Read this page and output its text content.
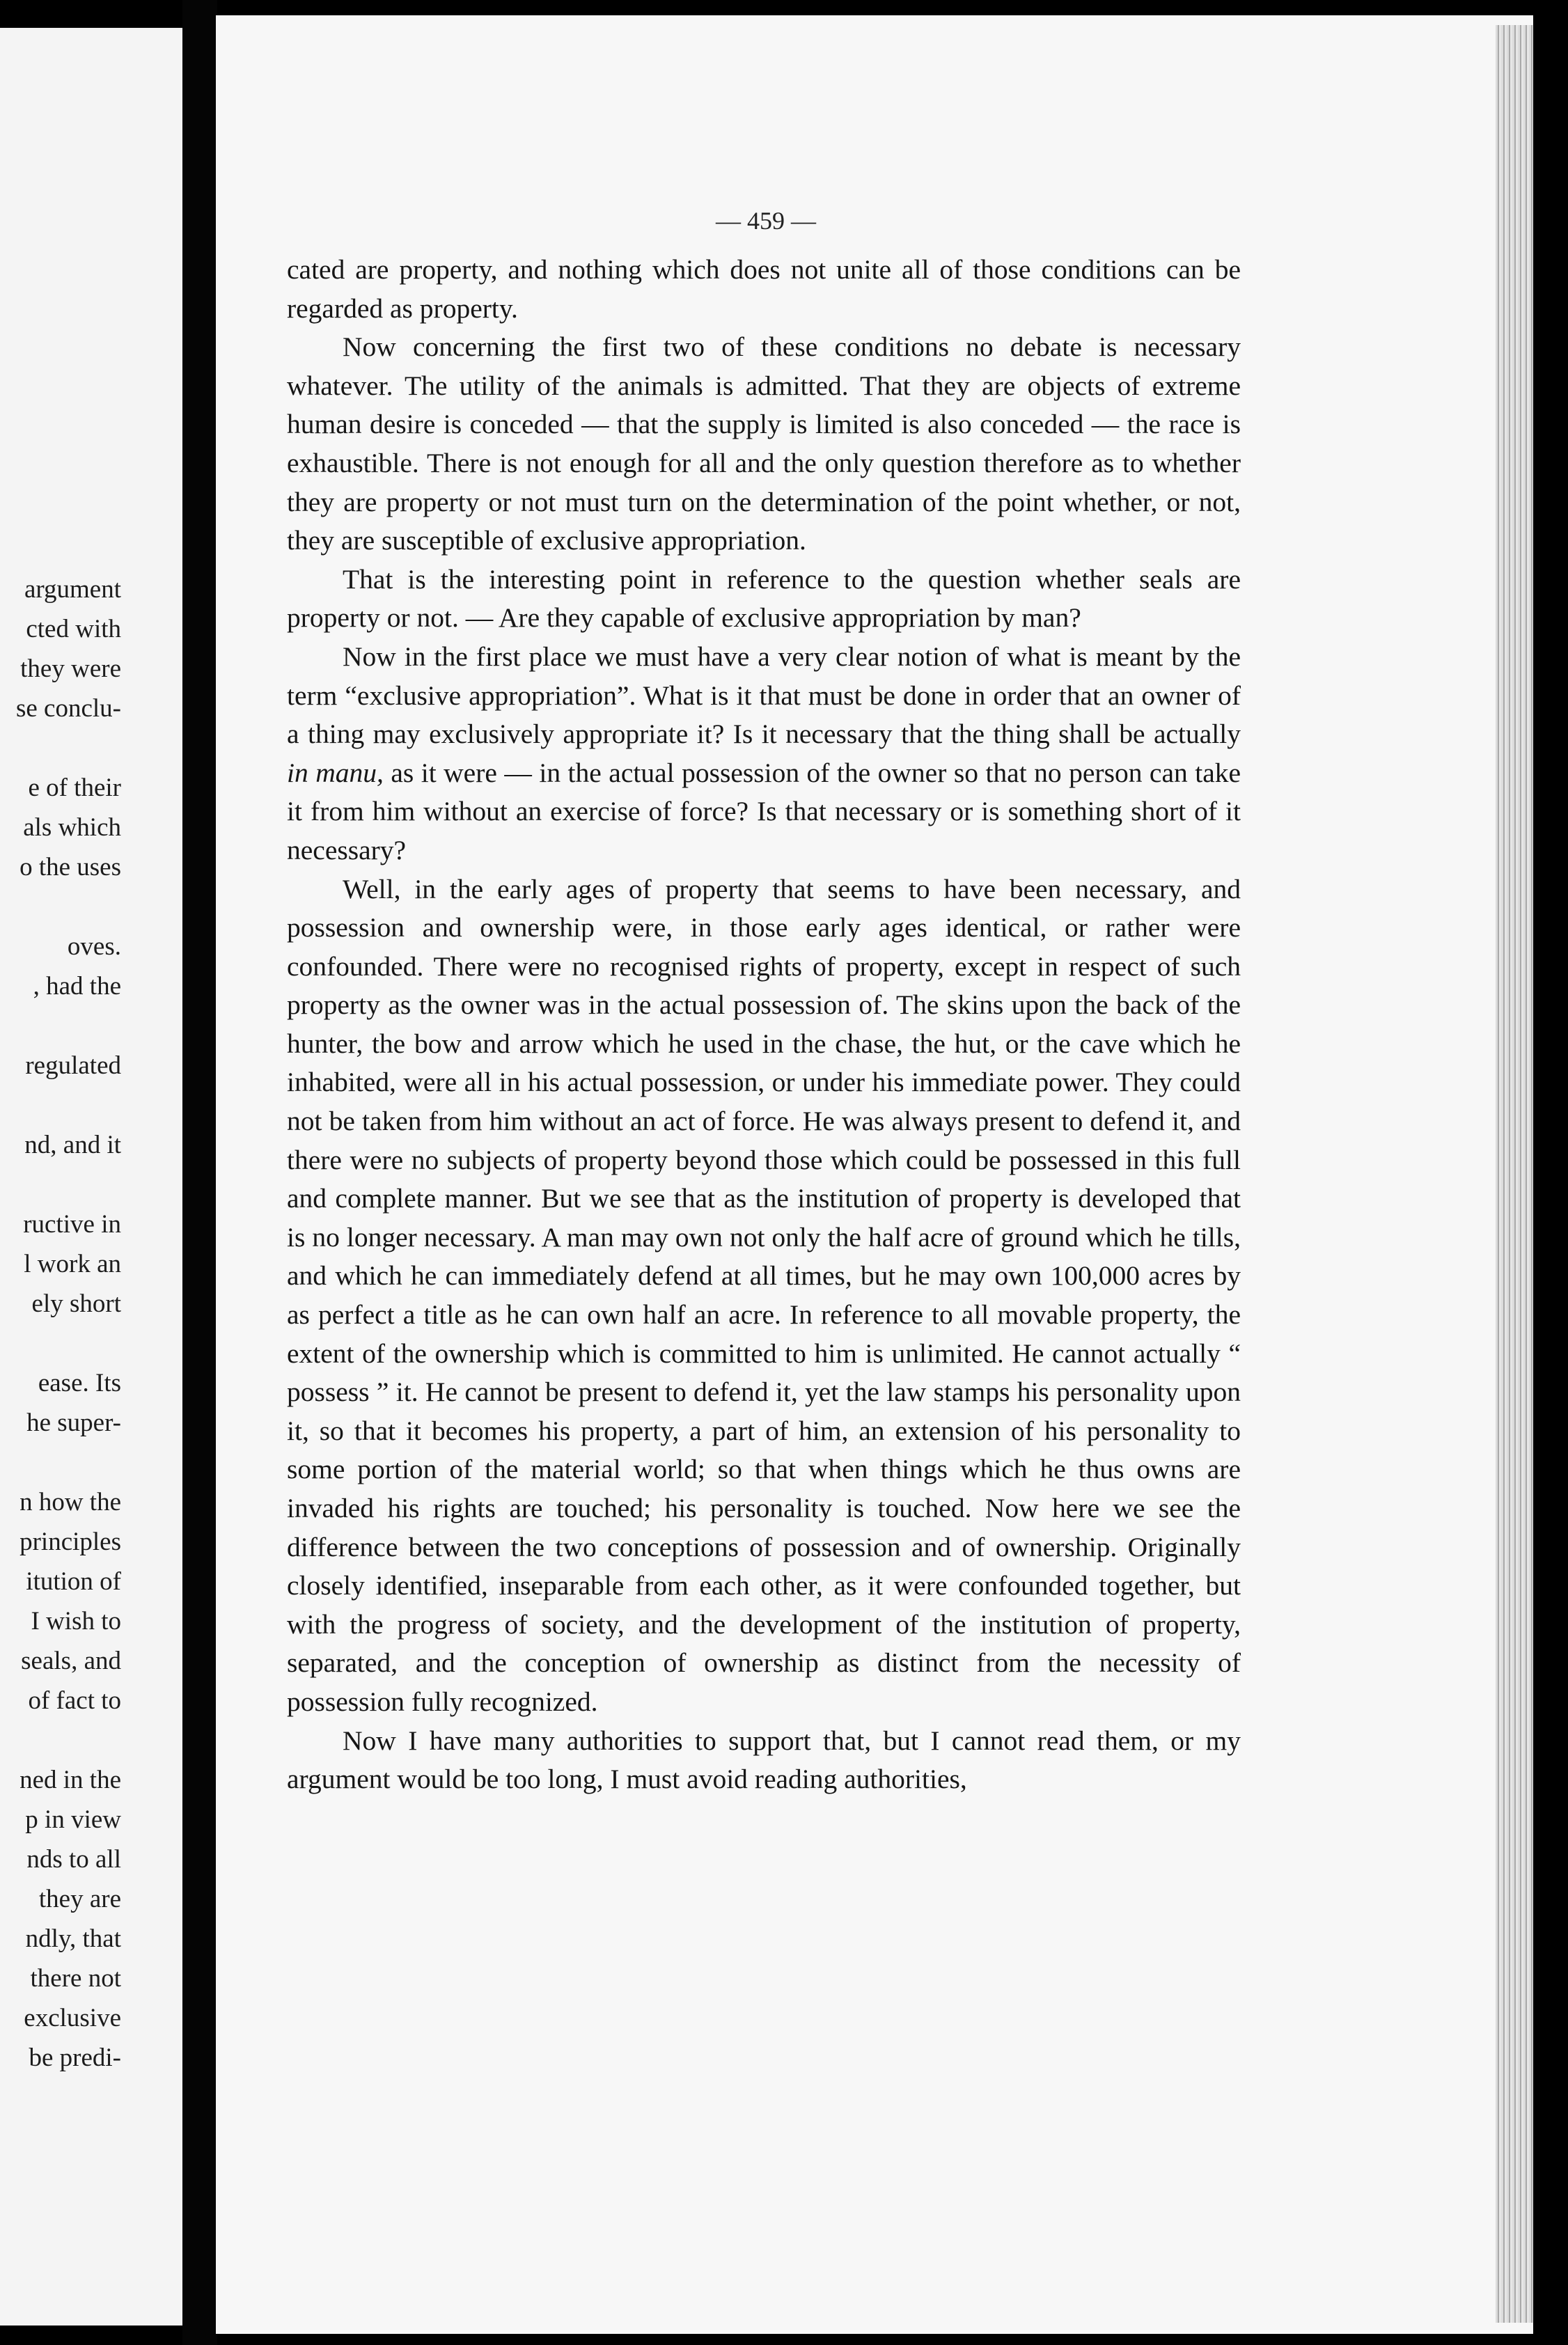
argument
cted with
they were
se conclu-
e of their
als which
o the uses
oves.
, had the
regulated
nd, and it
ructive in
l work an
ely short
ease. Its
he super-
n how the
principles
itution of
I wish to
seals, and
of fact to
ned in the
p in view
nds to all
they are
ndly, that
there not
exclusive
be predi-
— 459 —

cated are property, and nothing which does not unite all of those conditions can be regarded as property.

Now concerning the first two of these conditions no debate is necessary whatever. The utility of the animals is admitted. That they are objects of extreme human desire is conceded — that the supply is limited is also conceded — the race is exhaustible. There is not enough for all and the only question therefore as to whether they are property or not must turn on the determination of the point whether, or not, they are susceptible of exclusive appropriation.

That is the interesting point in reference to the question whether seals are property or not. — Are they capable of exclusive appropriation by man?

Now in the first place we must have a very clear notion of what is meant by the term “exclusive appropriation”. What is it that must be done in order that an owner of a thing may exclusively appropriate it? Is it necessary that the thing shall be actually in manu, as it were — in the actual possession of the owner so that no person can take it from him without an exercise of force? Is that necessary or is something short of it necessary?

Well, in the early ages of property that seems to have been necessary, and possession and ownership were, in those early ages identical, or rather were confounded. There were no recognised rights of property, except in respect of such property as the owner was in the actual possession of. The skins upon the back of the hunter, the bow and arrow which he used in the chase, the hut, or the cave which he inhabited, were all in his actual possession, or under his immediate power. They could not be taken from him without an act of force. He was always present to defend it, and there were no subjects of property beyond those which could be possessed in this full and complete manner. But we see that as the institution of property is developed that is no longer necessary. A man may own not only the half acre of ground which he tills, and which he can immediately defend at all times, but he may own 100,000 acres by as perfect a title as he can own half an acre. In reference to all movable property, the extent of the ownership which is committed to him is unlimited. He cannot actually “ possess ” it. He cannot be present to defend it, yet the law stamps his personality upon it, so that it becomes his property, a part of him, an extension of his personality to some portion of the material world; so that when things which he thus owns are invaded his rights are touched; his personality is touched. Now here we see the difference between the two conceptions of possession and of ownership. Originally closely identified, inseparable from each other, as it were confounded together, but with the progress of society, and the development of the institution of property, separated, and the conception of ownership as distinct from the necessity of possession fully recognized.

Now I have many authorities to support that, but I cannot read them, or my argument would be too long, I must avoid reading authorities,
